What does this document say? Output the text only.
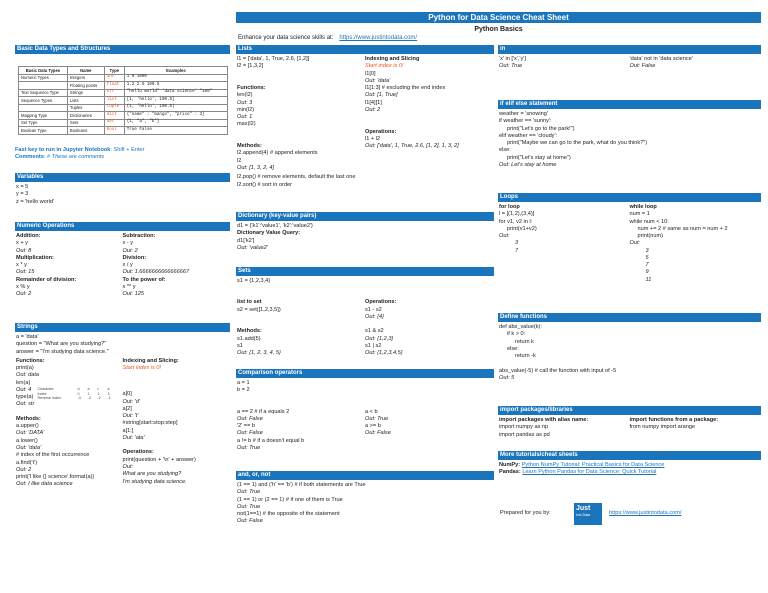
Python for Data Science Cheat Sheet
Python Basics
Enhance your data science skills at: https://www.justintodata.com/
Basic Data Types and Structures
Basic Data Types	Name	Type	Examples
Numeric Types	Integers	int	1 0 1000
	Floating points	float	1.2 2.5 100.5
Text Sequence Type	Strings	str	"hello world" 'data science' "100"
Sequence Types	Lists	list	[1, 'hello', 100.5]
	Tuples	tuple	(1, 'hello', 100.5)
Mapping Type	Dictionaries	dict	{"name" : "mango", "price" : 3}
Set Type	Sets	set	{1, "a", "b"}
Boolean Type	Booleans	bool	True False
Fast key to run in Jupyter Notebook: Shift + Enter
Comments: # These are comments
Variables
x = 5
y = 3
z = 'hello world'
Numeric Operations
Addition:
x + y
Out: 8
Multiplication:
x * y
Out: 15
Remainder of division:
x % y
Out: 2
Subtraction:
x - y
Out: 2
Division:
x / y
Out: 1.6666666666666667
To the power of:
x ** y
Out: 125
Strings
a = 'data'
question = "What are you studying?"
answer = "I'm studying data science."
Functions:
print(a)
Out: data
len(a)
Out: 4
type(a)
Out: str

Methods:
a.upper()
Out: 'DATA'
a.lower()
Out: 'data'
# index of the first occurrence
a.find('t')
Out: 2
print('I like {} science'.format(a))
Out: I like data science
Indexing and Slicing:
Character:	d	a	t	a
Index:	0	1	2	3
Reverse Index:	-4	-3	-2	-1
Start index is 0!
a[0]
Out: 'd'
a[2]
Out: 't'
#string[start:stop:step]
a[1:]
Out: 'ata'

Operations:
print(question + '\n' + answer)
Out:
What are you studying?
I'm studying data science.
Lists
l1 = ['data', 1, True, 2.6, [1,2]]
l2 = [1,3,2]

Functions:
len(l2)
Out: 3
min(l2)
Out: 1
max(l2)

Methods:
l2.append(4) # append elements
l2
Out: [1, 3, 2, 4]
Indexing and Slicing
Start index is 0!
l1[0]
Out: 'data'
l1[1:3] # excluding the end index
Out: [1, True]
l1[4][1]
Out: 2

Operations:
l1 + l2
Out: ['data', 1, True, 2.6, [1, 2], 1, 3, 2]
l2.pop() # remove elements, default the last one
l2.sort() # sort in order
Dictionary (key-value pairs)
d1 = {'k1':'value1', 'k2':'value2'}
Dictionary Value Query:
d1['k2']
Out: 'value2'
Sets
s1 = {1,2,3,4}
list to set
s2 = set([1,2,3,5])

Methods:
s1.add(5)
s1
Out: {1, 2, 3, 4, 5}
Operations:
s1 - s2
Out: {4}

s1 & s2
Out: {1,2,3}
s1 | s2
Out: {1,2,3,4,5}
Comparison operators
a = 1
b = 2
a == 2 # if a equals 2
Out: False
'2' == b
Out: False
a != b # if a doesn't equal b
Out: True
a < b
Out: True
a >= b
Out: False
and, or, not
(1 == 1) and ('h' == 'b') # if both statements are True
Out: True
(1 == 1) or (2 == 1) # if one of them is True
Out: True
not(1==1) # the opposite of the statement
Out: False
in
'x' in ['x','y']
Out: True
'data' not in 'data science'
Out: False
if elif else statement
weather = 'snowing'
if weather == 'sunny':
print("Let's go to the park!")
elif weather == 'cloudy':
print("Maybe we can go to the park, what do you think?")
else:
print("Let's stay at home")
Out: Let's stay at home
Loops
for loop
l = [(1,2),(3,4)]
for v1, v2 in l:
print(v1+v2)
Out:
3
7
while loop
num = 1
while num < 10:
num += 2 # same as num = num + 2
print(num)
Out:
3
5
7
9
11
Define functions
def abs_value(k):
if k > 0:
return k
else:
return -k

abs_value(-5) # call the function with input of -5
Out: 5
import packages/libraries
import packages with alias name:
import numpy as np
import pandas as pd
import functions from a package:
from numpy import arange
More tutorials/cheat sheets
NumPy: Python NumPy Tutorial: Practical Basics for Data Science
Pandas: Learn Python Pandas for Data Science: Quick Tutorial
Prepared for you by:
Just
into Data	https://www.justintodata.com/
